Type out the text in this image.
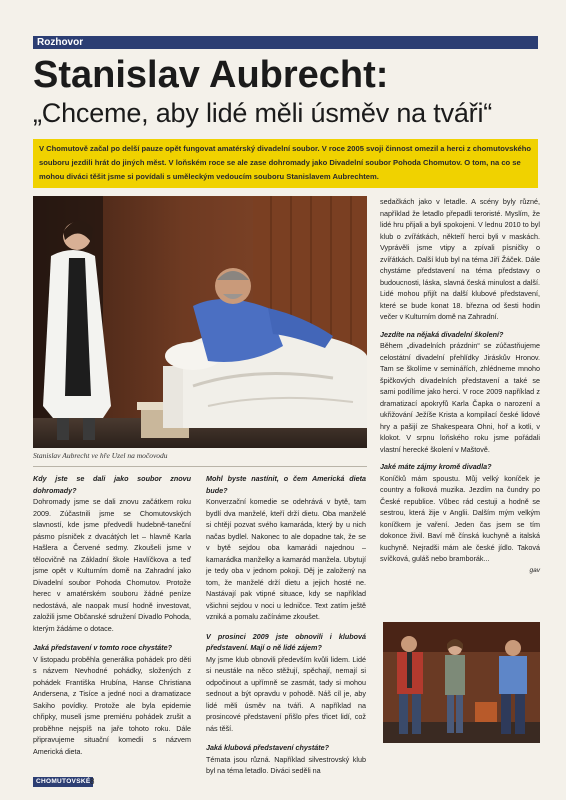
Rozhovor
Stanislav Aubrecht:
„Chceme, aby lidé měli úsměv na tváři“
V Chomutově začal po delší pauze opět fungovat amatérský divadelní soubor. V roce 2005 svoji činnost omezil a herci z chomutovského souboru jezdili hrát do jiných měst. V loňském roce se ale zase dohromady jako Divadelní soubor Pohoda Chomutov. O tom, na co se mohou diváci těšit jsme si povídali s uměleckým vedoucím souboru Stanislavem Aubrechtem.
Stanislav Aubrecht ve hře Uzel na močovodu

Kdy jste se dali jako soubor znovu dohromady?

Dohromady jsme se dali znovu začátkem roku 2009. Zúčastnili jsme se Chomutovských slavností, kde jsme předvedli hudebně-taneční pásmo písniček z dvacátých let – hlavně Karla Hašlera a Červené sedmy. Zkoušeli jsme v tělocvičně na Základní škole Havlíčkova a teď jsme opět v Kulturním domě na Zahradní jako Divadelní soubor Pohoda Chomutov. Protože herec v amatérském souboru žádné peníze nedostává, ale naopak musí hodně investovat, založili jsme Občanské sdružení Divadlo Pohoda, kterým žádáme o dotace.

Jaká představení v tomto roce chystáte?

V listopadu proběhla generálka pohádek pro děti s názvem Nevhodné pohádky, složených z pohádek Františka Hrubína, Hanse Christiana Andersena, z Tisíce a jedné noci a dramatizace Sakiho povídky. Protože ale byla epidemie chřipky, museli jsme premiéru pohádek zrušit a proběhne nejspíš na jaře tohoto roku. Dále připravujeme situační komedii s názvem Americká dieta.

Mohl byste nastínit, o čem Americká dieta bude?

Konverzační komedie se odehrává v bytě, tam bydlí dva manželé, kteří drží dietu. Oba manželé si chtějí pozvat svého kamaráda, který by u nich načas bydlel. Nakonec to ale dopadne tak, že se v bytě sejdou oba kamarádi najednou – kamarádka manželky a kamarád manžela. Ubytují je tedy oba v jednom pokoji. Děj je založený na tom, že manželé drží dietu a jejich hosté ne. Nastávají pak vtipné situace, kdy se například všichni sejdou v noci u ledničce. Text zatím ještě vzniká a pomalu začínáme zkoušet.

V prosinci 2009 jste obnovili i klubová představení. Mají o ně lidé zájem?

My jsme klub obnovili především kvůli lidem. Lidé si neustále na něco stěžují, spěchají, nemají si odpočinout a upřímně se zasmát, tady si mohou sednout a být opravdu v pohodě. Náš cíl je, aby lidé měli úsměv na tváři. A například na prosincové představení přišlo přes třicet lidí, což nás těší.

Jaká klubová představení chystáte?

Témata jsou různá. Například silvestrovský klub byl na téma letadlo. Diváci seděli na

sedačkách jako v letadle. A scény byly různé, například že letadlo přepadli teroristé. Myslím, že lidé hru přijali a byli spokojeni. V lednu 2010 to byl klub o zvířátkách, někteří herci byli v maskách. Vyprávěli jsme vtipy a zpívali písničky o zvířátkách. Další klub byl na téma Jiří Žáček. Dále chystáme představení na téma představy o budoucnosti, láska, slavná česká minulost a další. Lidé mohou přijít na další klubové představení, které se bude konat 18. března od šesti hodin večer v Kulturním domě na Zahradní.

Jezdíte na nějaká divadelní školení?

Během „divadelních prázdnin“ se zúčastňujeme celostátní divadelní přehlídky Jiráskův Hronov. Tam se školíme v seminářích, zhlédneme mnoho špičkových divadelních představení a také se sami podílíme jako herci. V roce 2009 například z dramatizací apokryfů Karla Čapka o narození a ukřižování Ježíše Krista a kompilací české lidové hry a pašijí ze Shakespeara Ohni, hoř a kotli, v klokot. V srpnu loňského roku jsme pořádali vlastní herecké školení v Maštově.

Jaké máte zájmy kromě divadla?

Koníčků mám spoustu. Můj velký koníček je country a folková muzika. Jezdím na čundry po České republice. Vůbec rád cestuji a hodně se sestrou, která žije v Anglii. Dalším mým velkým koníčkem je vaření. Jeden čas jsem se tím dokonce živil. Baví mě čínská kuchyně a italská kuchyně. Nejradši mám ale české jídlo. Taková svíčková, guláš nebo bramborák...

gav

CHOMUTOVSKÉ 8
